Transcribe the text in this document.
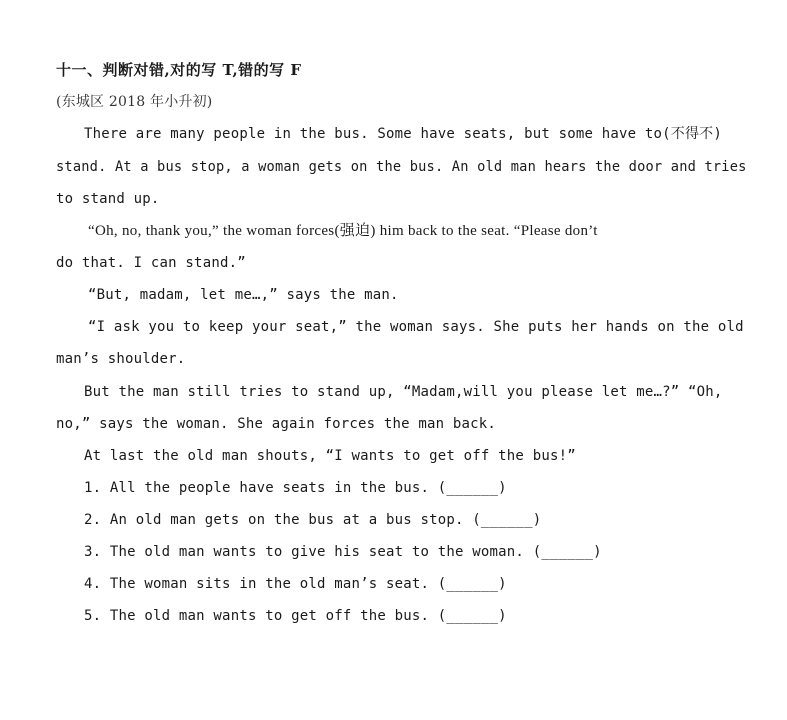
十一、判断对错,对的写 T,错的写 F
(东城区 2018 年小升初)
There are many people in the bus. Some have seats, but some have to(不得不)
stand. At a bus stop, a woman gets on the bus. An old man hears the door and tries
to stand up.
“Oh, no, thank you,” the woman forces(强迫) him back to the seat. “Please don’t
do that. I can stand.”
“But, madam, let me…,” says the man.
“I ask you to keep your seat,” the woman says. She puts her hands on the old
man’s shoulder.
But the man still tries to stand up, “Madam,will you please let me…?” “Oh,
no,” says the woman. She again forces the man back.
At last the old man shouts, “I wants to get off the bus!”
1. All the people have seats in the bus. (______)
2. An old man gets on the bus at a bus stop. (______)
3. The old man wants to give his seat to the woman. (______)
4. The woman sits in the old man’s seat. (______)
5. The old man wants to get off the bus. (______)
